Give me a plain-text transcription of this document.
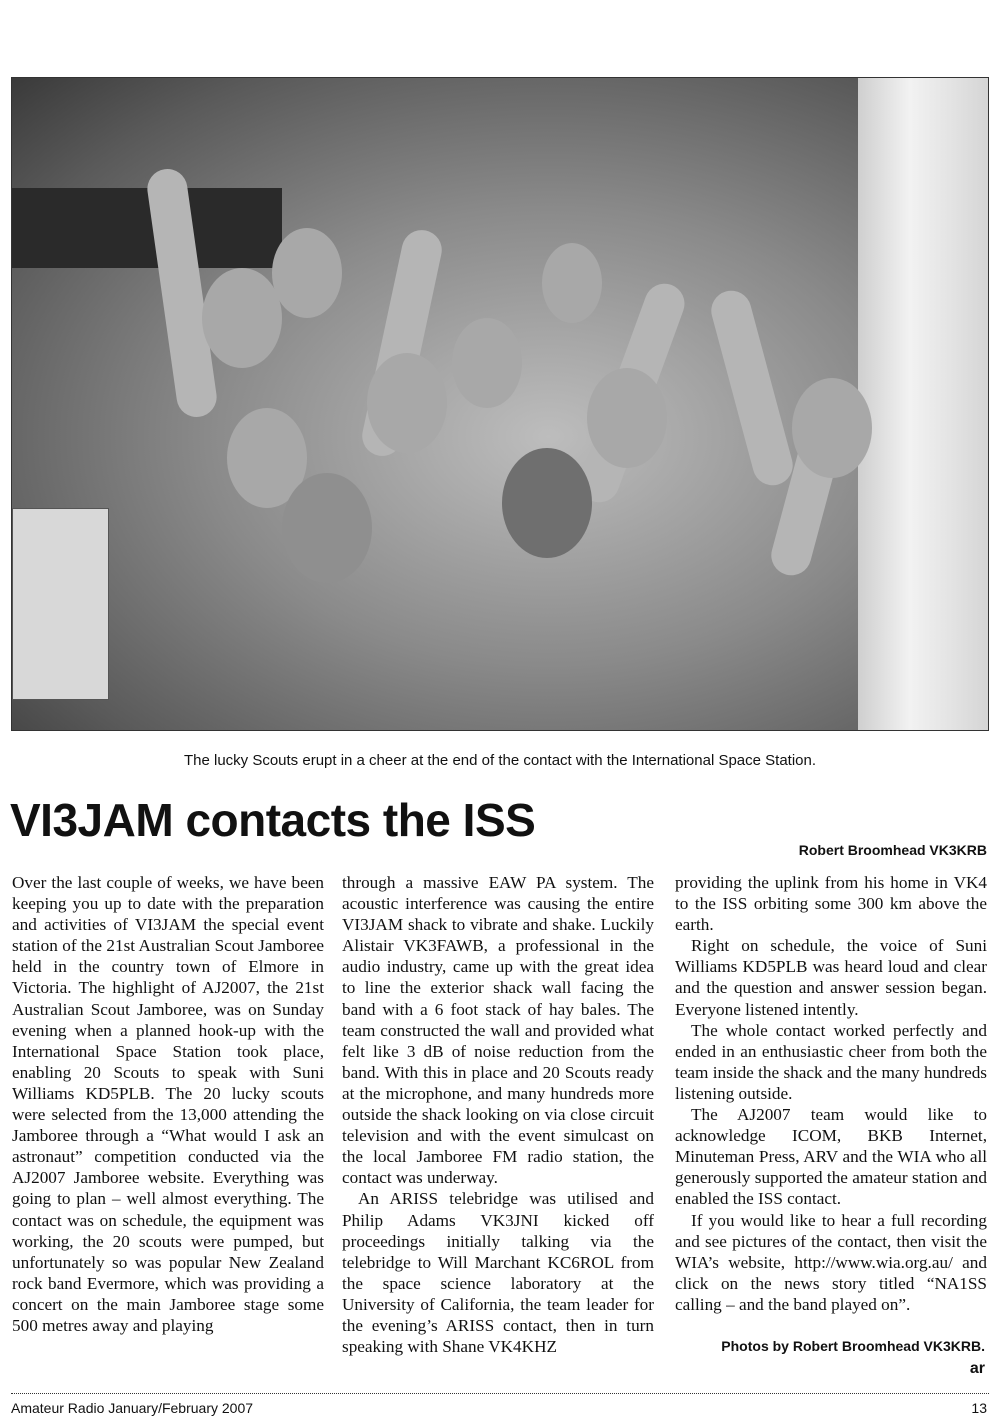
The lucky Scouts erupt in a cheer at the end of the contact with the International Space Station.
VI3JAM contacts the ISS
Robert Broomhead VK3KRB

Over the last couple of weeks, we have been keeping you up to date with the preparation and activities of VI3JAM the special event station of the 21st Australian Scout Jamboree held in the country town of Elmore in Victoria. The highlight of AJ2007, the 21st Australian Scout Jamboree, was on Sunday evening when a planned hook-up with the International Space Station took place, enabling 20 Scouts to speak with Suni Williams KD5PLB. The 20 lucky scouts were selected from the 13,000 attending the Jamboree through a “What would I ask an astronaut” competition conducted via the AJ2007 Jamboree website. Everything was going to plan – well almost everything. The contact was on schedule, the equipment was working, the 20 scouts were pumped, but unfortunately so was popular New Zealand rock band Evermore, which was providing a concert on the main Jamboree stage some 500 metres away and playing

through a massive EAW PA system. The acoustic interference was causing the entire VI3JAM shack to vibrate and shake. Luckily Alistair VK3FAWB, a professional in the audio industry, came up with the great idea to line the exterior shack wall facing the band with a 6 foot stack of hay bales. The team constructed the wall and provided what felt like 3 dB of noise reduction from the band. With this in place and 20 Scouts ready at the microphone, and many hundreds more outside the shack looking on via close circuit television and with the event simulcast on the local Jamboree FM radio station, the contact was underway.

An ARISS telebridge was utilised and Philip Adams VK3JNI kicked off proceedings initially talking via the telebridge to Will Marchant KC6ROL from the space science laboratory at the University of California, the team leader for the evening’s ARISS contact, then in turn speaking with Shane VK4KHZ

providing the uplink from his home in VK4 to the ISS orbiting some 300 km above the earth.

Right on schedule, the voice of Suni Williams KD5PLB was heard loud and clear and the question and answer session began. Everyone listened intently.

The whole contact worked perfectly and ended in an enthusiastic cheer from both the team inside the shack and the many hundreds listening outside.

The AJ2007 team would like to acknowledge ICOM, BKB Internet, Minuteman Press, ARV and the WIA who all generously supported the amateur station and enabled the ISS contact.

If you would like to hear a full recording and see pictures of the contact, then visit the WIA’s website, http://www.wia.org.au/ and click on the news story titled “NA1SS calling – and the band played on”.

Photos by Robert Broomhead VK3KRB.
ar
Amateur Radio January/February 2007	13
